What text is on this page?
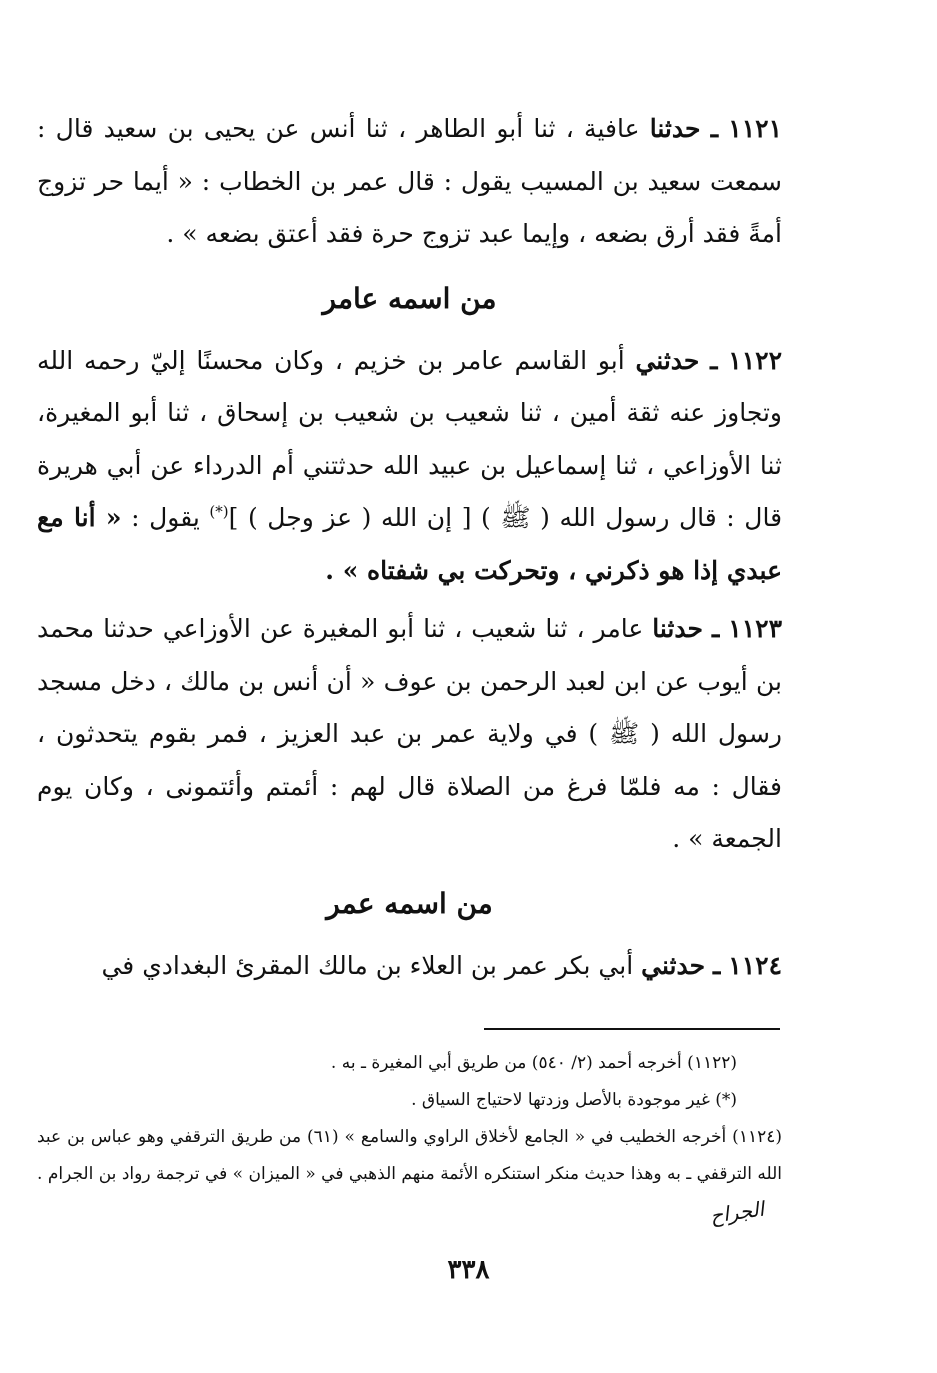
١١٢١ ـ حدثنا عافية ، ثنا أبو الطاهر ، ثنا أنس عن يحيى بن سعيد قال : سمعت سعيد بن المسيب يقول : قال عمر بن الخطاب : « أيما حر تزوج أمةً فقد أرق بضعه ، وإيما عبد تزوج حرة فقد أعتق بضعه » .

من اسمه عامر

١١٢٢ ـ حدثني أبو القاسم عامر بن خزيم ، وكان محسنًا إليّ رحمه الله وتجاوز عنه ثقة أمين ، ثنا شعيب بن شعيب بن إسحاق ، ثنا أبو المغيرة، ثنا الأوزاعي ، ثنا إسماعيل بن عبيد الله حدثتني أم الدرداء عن أبي هريرة قال : قال رسول الله ( ﷺ ) [ إن الله ( عز وجل ) ](*) يقول : « أنا مع عبدي إذا هو ذكرني ، وتحركت بي شفتاه » .

١١٢٣ ـ حدثنا عامر ، ثنا شعيب ، ثنا أبو المغيرة عن الأوزاعي حدثنا محمد بن أيوب عن ابن لعبد الرحمن بن عوف « أن أنس بن مالك ، دخل مسجد رسول الله ( ﷺ ) في ولاية عمر بن عبد العزيز ، فمر بقوم يتحدثون ، فقال : مه فلمّا فرغ من الصلاة قال لهم : أئمتم وأئتمونى ، وكان يوم الجمعة » .

من اسمه عمر

١١٢٤ ـ حدثني أبي بكر عمر بن العلاء بن مالك المقرئ البغدادي في

(١١٢٢) أخرجه أحمد (٢/ ٥٤٠) من طريق أبي المغيرة ـ به .

(*) غير موجودة بالأصل وزدتها لاحتياج السياق .

(١١٢٤) أخرجه الخطيب في « الجامع لأخلاق الراوي والسامع » (٦١) من طريق الترقفي وهو عباس بن عبد الله الترقفي ـ به وهذا حديث منكر استنكره الأئمة منهم الذهبي في « الميزان » في ترجمة رواد بن الجرام . الجراح

٣٣٨
